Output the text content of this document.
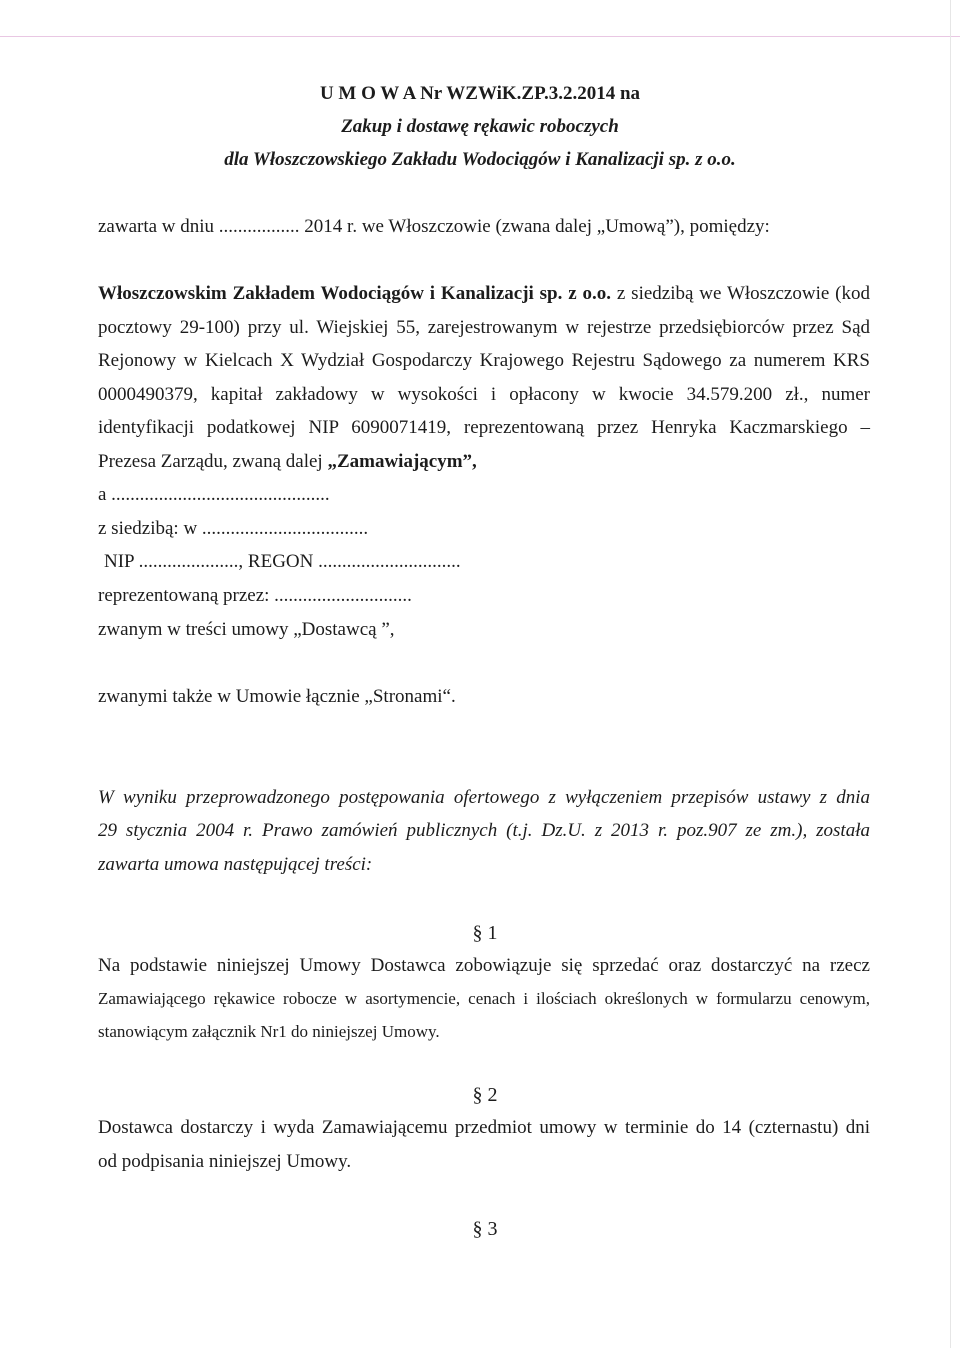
U M O W A Nr WZWiK.ZP.3.2.2014 na
Zakup i dostawę rękawic roboczych
dla Włoszczowskiego Zakładu Wodociągów i Kanalizacji sp. z o.o.
zawarta w dniu ................. 2014 r. we Włoszczowie (zwana dalej „Umową”), pomiędzy:
Włoszczowskim Zakładem Wodociągów i Kanalizacji sp. z o.o. z siedzibą we Włoszczowie (kod
pocztowy 29-100) przy ul. Wiejskiej 55, zarejestrowanym w rejestrze przedsiębiorców przez Sąd
Rejonowy w Kielcach X Wydział Gospodarczy Krajowego Rejestru Sądowego za numerem KRS
0000490379, kapitał zakładowy w wysokości i opłacony w kwocie 34.579.200 zł., numer
identyfikacji podatkowej NIP 6090071419, reprezentowaną przez Henryka Kaczmarskiego –
Prezesa Zarządu, zwaną dalej „Zamawiającym”,
a ..............................................
z siedzibą: w ...................................
NIP ....................., REGON ..............................
reprezentowaną przez: .............................
zwanym w treści umowy „Dostawcą ”,
zwanymi także w Umowie łącznie „Stronami“.
W wyniku przeprowadzonego postępowania ofertowego z wyłączeniem przepisów ustawy z dnia
29 stycznia 2004 r. Prawo zamówień publicznych (t.j. Dz.U. z 2013 r. poz.907 ze zm.), została
zawarta umowa następującej treści:
§ 1
Na podstawie niniejszej Umowy Dostawca zobowiązuje się sprzedać oraz dostarczyć na rzecz
Zamawiającego rękawice robocze w asortymencie, cenach i ilościach określonych w formularzu cenowym,
stanowiącym załącznik Nr1 do niniejszej Umowy.
§ 2
Dostawca dostarczy i wyda Zamawiającemu przedmiot umowy w terminie do 14 (czternastu) dni
od podpisania niniejszej Umowy.
§ 3
